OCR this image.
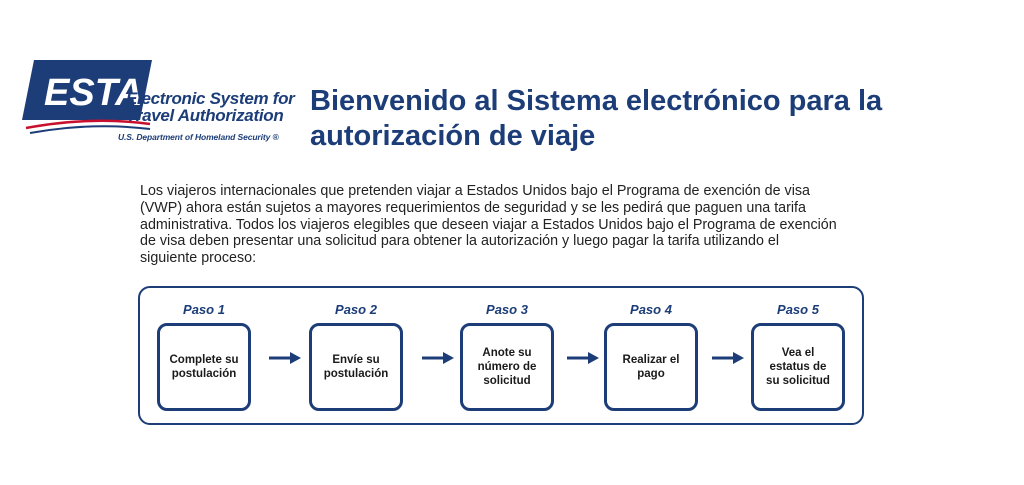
ESTA
Electronic System for
Travel Authorization
U.S. Department of Homeland Security ®
Bienvenido al Sistema electrónico para la autorización de viaje

Los viajeros internacionales que pretenden viajar a Estados Unidos bajo el Programa de exención de visa (VWP) ahora están sujetos a mayores requerimientos de seguridad y se les pedirá que paguen una tarifa administrativa. Todos los viajeros elegibles que deseen viajar a Estados Unidos bajo el Programa de exención de visa deben presentar una solicitud para obtener la autorización y luego pagar la tarifa utilizando el siguiente proceso:

Paso 1
Complete su postulación
Paso 2
Envíe su postulación
Paso 3
Anote su número de solicitud
Paso 4
Realizar el pago
Paso 5
Vea el estatus de su solicitud
